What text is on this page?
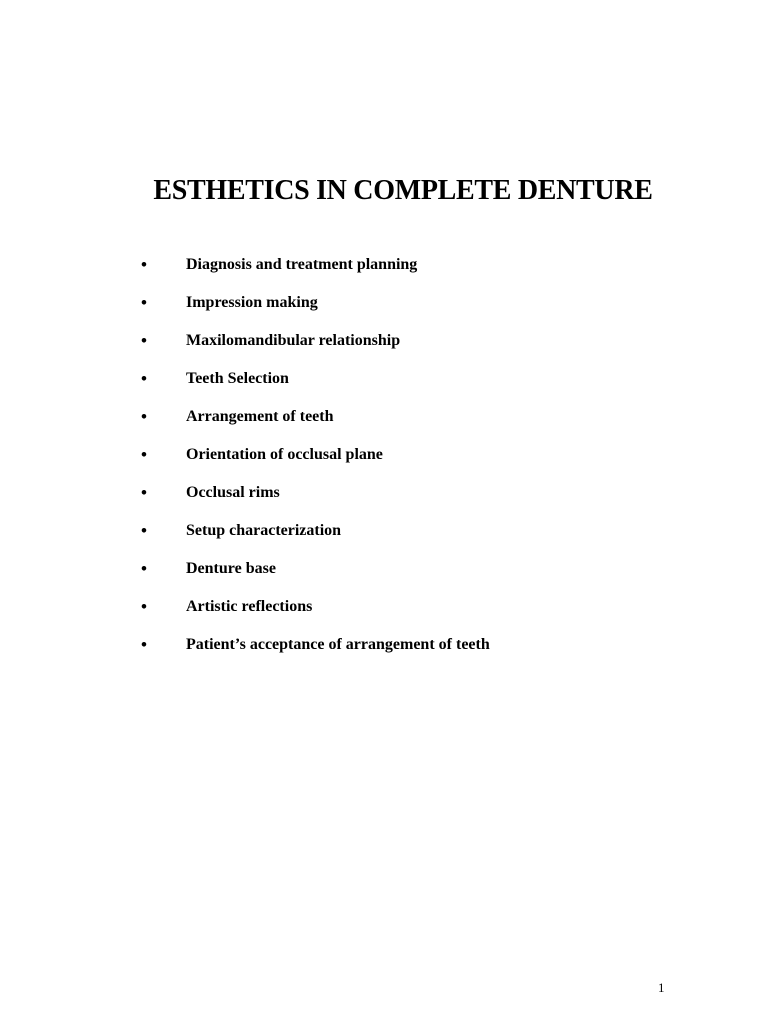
ESTHETICS IN COMPLETE DENTURE
• Diagnosis and treatment planning
• Impression making
• Maxilomandibular relationship
• Teeth Selection
• Arrangement of teeth
• Orientation of occlusal plane
• Occlusal rims
• Setup characterization
• Denture base
• Artistic reflections
• Patient’s acceptance of arrangement of teeth
1
